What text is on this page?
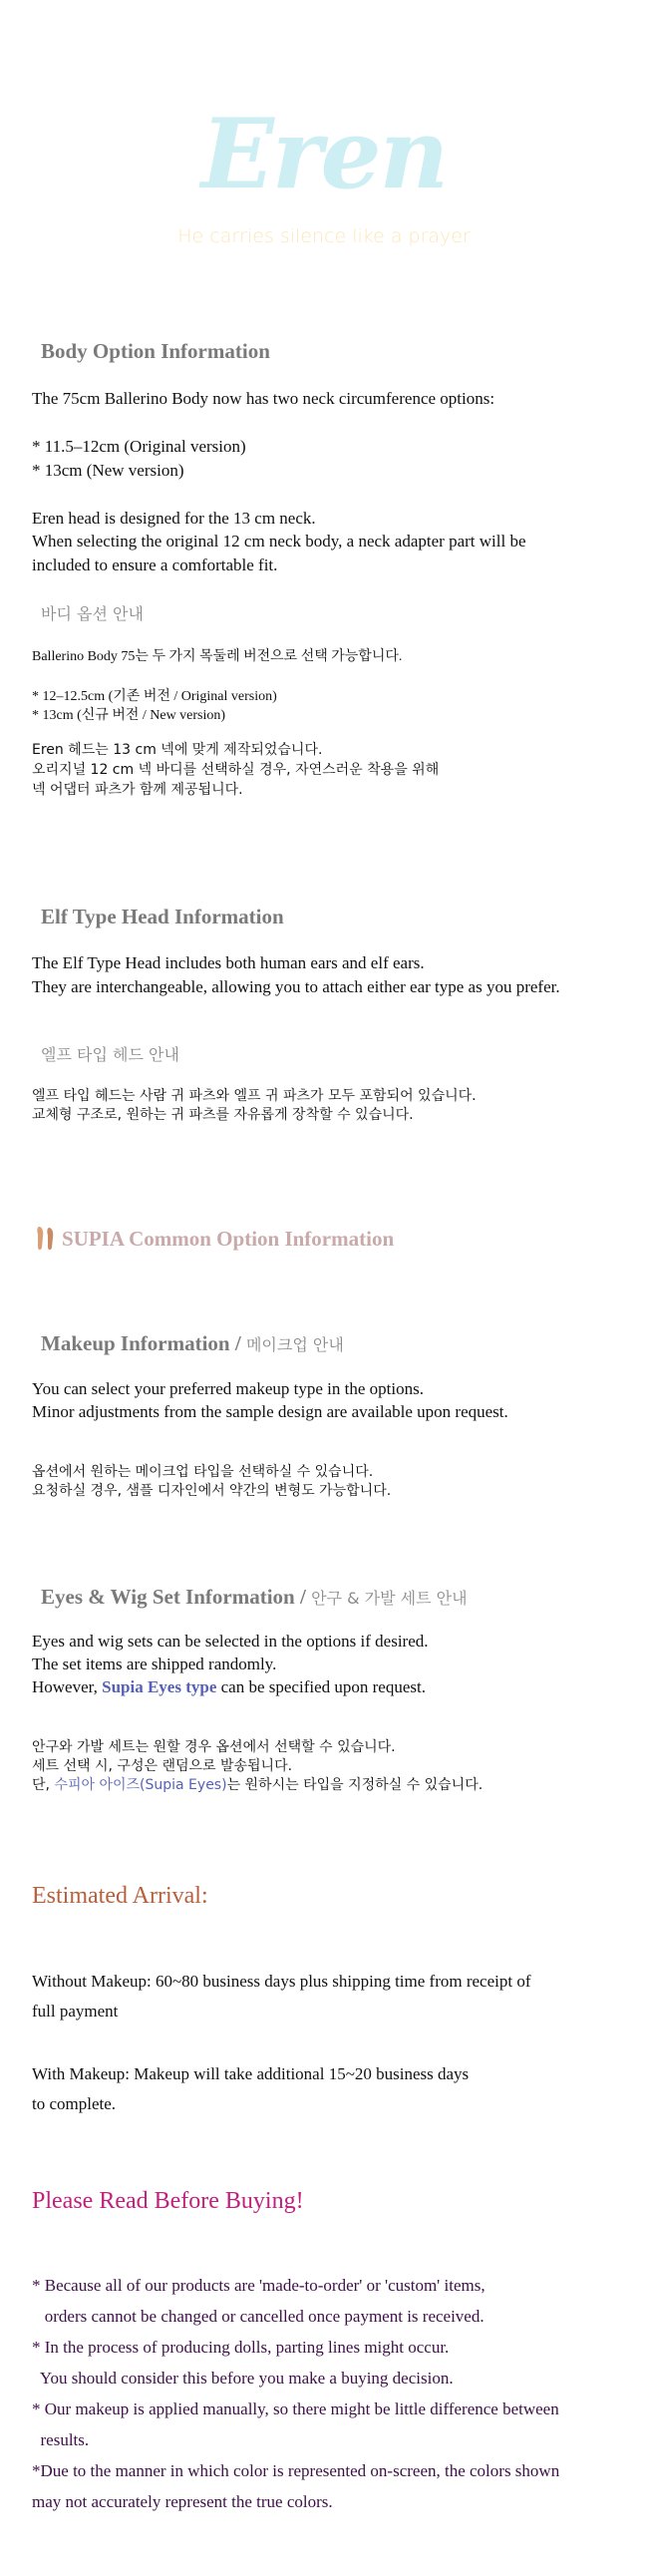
Eren
He carries silence like a prayer
Body Option Information
The 75cm Ballerino Body now has two neck circumference options:
* 11.5–12cm (Original version)
* 13cm (New version)
Eren head is designed for the 13 cm neck.
When selecting the original 12 cm neck body, a neck adapter part will be
included to ensure a comfortable fit.
바디 옵션 안내
Ballerino Body 75는 두 가지 목둘레 버전으로 선택 가능합니다.
* 12–12.5cm (기존 버전 / Original version)
* 13cm (신규 버전 / New version)
Eren 헤드는 13 cm 넥에 맞게 제작되었습니다.
오리지널 12 cm 넥 바디를 선택하실 경우, 자연스러운 착용을 위해
넥 어댑터 파츠가 함께 제공됩니다.
Elf Type Head Information
The Elf Type Head includes both human ears and elf ears.
They are interchangeable, allowing you to attach either ear type as you prefer.
엘프 타입 헤드 안내
엘프 타입 헤드는 사람 귀 파츠와 엘프 귀 파츠가 모두 포함되어 있습니다.
교체형 구조로, 원하는 귀 파츠를 자유롭게 장착할 수 있습니다.
SUPIA Common Option Information
Makeup Information / 메이크업 안내
You can select your preferred makeup type in the options.
Minor adjustments from the sample design are available upon request.
옵션에서 원하는 메이크업 타입을 선택하실 수 있습니다.
요청하실 경우, 샘플 디자인에서 약간의 변형도 가능합니다.
Eyes & Wig Set Information / 안구 & 가발 세트 안내
Eyes and wig sets can be selected in the options if desired.
The set items are shipped randomly.
However, Supia Eyes type can be specified upon request.
안구와 가발 세트는 원할 경우 옵션에서 선택할 수 있습니다.
세트 선택 시, 구성은 랜덤으로 발송됩니다.
단, 수피아 아이즈(Supia Eyes)는 원하시는 타입을 지정하실 수 있습니다.
Estimated Arrival:
Without Makeup: 60~80 business days plus shipping time from receipt of
full payment
With Makeup: Makeup will take additional 15~20 business days
to complete.
Please Read Before Buying!
* Because all of our products are 'made-to-order' or 'custom' items,
orders cannot be changed or cancelled once payment is received.
* In the process of producing dolls, parting lines might occur.
You should consider this before you make a buying decision.
* Our makeup is applied manually, so there might be little difference between
results.
*Due to the manner in which color is represented on-screen, the colors shown
may not accurately represent the true colors.
